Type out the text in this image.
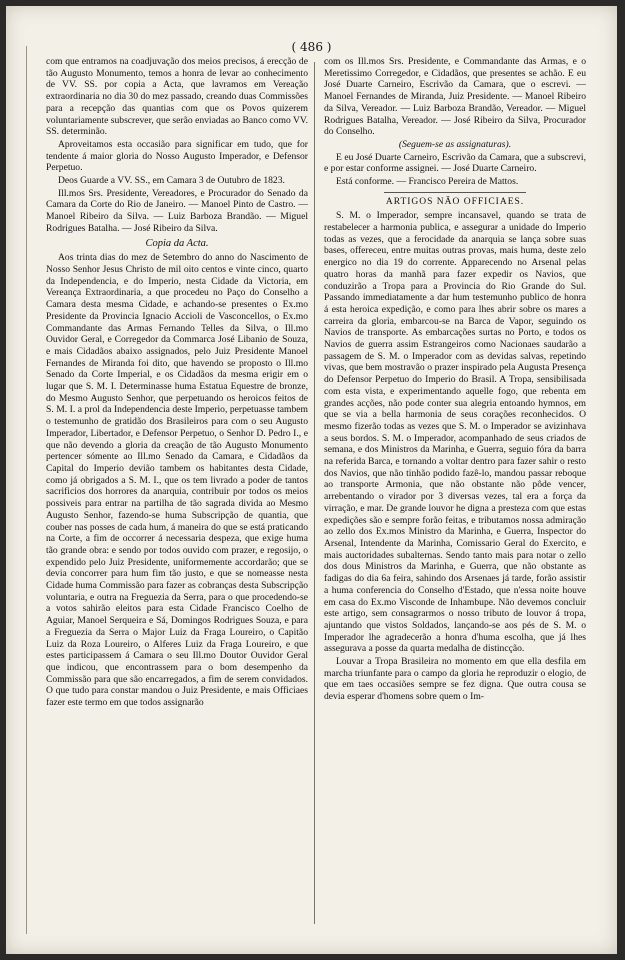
( 486 )

com que entramos na coadjuvação dos meios precisos, á erecção de tão Augusto Monumento, temos a honra de levar ao conhecimento de VV. SS. por copia a Acta, que lavramos em Vereação extraordinaria no dia 30 do mez passado, creando duas Commissões para a recepção das quantias com que os Povos quizerem voluntariamente subscrever, que serão enviadas ao Banco como VV. SS. determinão.

Aproveitamos esta occasião para significar em tudo, que for tendente á maior gloria do Nosso Augusto Imperador, e Defensor Perpetuo.

Deos Guarde a VV. SS., em Camara 3 de Outubro de 1823.

Ill.mos Srs. Presidente, Vereadores, e Procurador do Senado da Camara da Corte do Rio de Janeiro. — Manoel Pinto de Castro. — Manoel Ribeiro da Silva. — Luiz Barboza Brandão. — Miguel Rodrigues Batalha. — José Ribeiro da Silva.

Copia da Acta.

Aos trinta dias do mez de Setembro do anno do Nascimento de Nosso Senhor Jesus Christo de mil oito centos e vinte cinco, quarto da Independencia, e do Imperio, nesta Cidade da Victoria, em Vereança Extraordinaria, a que procedeu no Paço do Conselho a Camara desta mesma Cidade, e achando-se presentes o Ex.mo Presidente da Provincia Ignacio Accioli de Vasconcellos, o Ex.mo Commandante das Armas Fernando Telles da Silva, o Ill.mo Ouvidor Geral, e Corregedor da Commarca José Libanio de Souza, e mais Cidadãos abaixo assignados, pelo Juiz Presidente Manoel Fernandes de Miranda foi dito, que havendo se proposto o Ill.mo Senado da Corte Imperial, e os Cidadãos da mesma erigir em o lugar que S. M. I. Determinasse huma Estatua Equestre de bronze, do Mesmo Augusto Senhor, que perpetuando os heroicos feitos de S. M. I. a prol da Independencia deste Imperio, perpetuasse tambem o testemunho de gratidão dos Brasileiros para com o seu Augusto Imperador, Libertador, e Defensor Perpetuo, o Senhor D. Pedro I., e que não devendo a gloria da creação de tão Augusto Monumento pertencer sómente ao Ill.mo Senado da Camara, e Cidadãos da Capital do Imperio devião tambem os habitantes desta Cidade, como já obrigados a S. M. I., que os tem livrado a poder de tantos sacrificios dos horrores da anarquia, contribuir por todos os meios possiveis para entrar na partilha de tão sagrada divida ao Mesmo Augusto Senhor, fazendo-se huma Subscripção de quantia, que couber nas posses de cada hum, á maneira do que se está praticando na Corte, a fim de occorrer á necessaria despeza, que exige huma tão grande obra: e sendo por todos ouvido com prazer, e regosijo, o expendido pelo Juiz Presidente, uniformemente accordarão; que se devia concorrer para hum fim tão justo, e que se nomeasse nesta Cidade huma Commissão para fazer as cobranças desta Subscripção voluntaria, e outra na Freguezia da Serra, para o que procedendo-se a votos sahirão eleitos para esta Cidade Francisco Coelho de Aguiar, Manoel Serqueira e Sá, Domingos Rodrigues Souza, e para a Freguezia da Serra o Major Luiz da Fraga Loureiro, o Capitão Luiz da Roza Loureiro, o Alferes Luiz da Fraga Loureiro, e que estes participassem á Camara o seu Ill.mo Doutor Ouvidor Geral que indicou, que encontrassem para o bom desempenho da Commissão para que são encarregados, a fim de serem convidados. O que tudo para constar mandou o Juiz Presidente, e mais Officiaes fazer este termo em que todos assignarão

com os Ill.mos Srs. Presidente, e Commandante das Armas, e o Meretissimo Corregedor, e Cidadãos, que presentes se achão. E eu José Duarte Carneiro, Escrivão da Camara, que o escrevi. — Manoel Fernandes de Miranda, Juiz Presidente. — Manoel Ribeiro da Silva, Vereador. — Luiz Barboza Brandão, Vereador. — Miguel Rodrigues Batalha, Vereador. — José Ribeiro da Silva, Procurador do Conselho.

(Seguem-se as assignaturas).

E eu José Duarte Carneiro, Escrivão da Camara, que a subscrevi, e por estar conforme assignei. — José Duarte Carneiro.

Está conforme. — Francisco Pereira de Mattos.

ARTIGOS NÃO OFFICIAES.

S. M. o Imperador, sempre incansavel, quando se trata de restabelecer a harmonia publica, e assegurar a unidade do Imperio todas as vezes, que a ferocidade da anarquia se lança sobre suas bases, offereceu, entre muitas outras provas, mais huma, deste zelo energico no dia 19 do corrente. Apparecendo no Arsenal pelas quatro horas da manhã para fazer expedir os Navios, que conduzirão a Tropa para a Provincia do Rio Grande do Sul. Passando immediatamente a dar hum testemunho publico de honra á esta heroica expedição, e como para lhes abrir sobre os mares a carreira da gloria, embarcou-se na Barca de Vapor, seguindo os Navios de transporte. As embarcações surtas no Porto, e todos os Navios de guerra assim Estrangeiros como Nacionaes saudarão a passagem de S. M. o Imperador com as devidas salvas, repetindo vivas, que bem mostravão o prazer inspirado pela Augusta Presença do Defensor Perpetuo do Imperio do Brasil. A Tropa, sensibilisada com esta vista, e experimentando aquelle fogo, que rebenta em grandes acções, não pode conter sua alegria entoando hymnos, em que se via a bella harmonia de seus corações reconhecidos. O mesmo fizerão todas as vezes que S. M. o Imperador se avizinhava a seus bordos. S. M. o Imperador, acompanhado de seus criados de semana, e dos Ministros da Marinha, e Guerra, seguio fóra da barra na referida Barca, e tornando a voltar dentro para fazer sahir o resto dos Navios, que não tinhão podido fazê-lo, mandou passar reboque ao transporte Armonia, que não obstante não pôde vencer, arrebentando o virador por 3 diversas vezes, tal era a força da virração, e mar. De grande louvor he digna a presteza com que estas expedições são e sempre forão feitas, e tributamos nossa admiração ao zello dos Ex.mos Ministro da Marinha, e Guerra, Inspector do Arsenal, Intendente da Marinha, Comissario Geral do Exercito, e mais auctoridades subalternas. Sendo tanto mais para notar o zello dos dous Ministros da Marinha, e Guerra, que não obstante as fadigas do dia 6a feira, sahindo dos Arsenaes já tarde, forão assistir a huma conferencia do Conselho d'Estado, que n'essa noite houve em casa do Ex.mo Visconde de Inhambupe. Não devemos concluir este artigo, sem consagrarmos o nosso tributo de louvor á tropa, ajuntando que vistos Soldados, lançando-se aos pés de S. M. o Imperador lhe agradecerão a honra d'huma escolha, que já lhes assegurava a posse da quarta medalha de distincção.

Louvar a Tropa Brasileira no momento em que ella desfila em marcha triunfante para o campo da gloria he reproduzir o elogio, de que em taes occasiões sempre se fez digna. Que outra cousa se devia esperar d'homens sobre quem o Im-
